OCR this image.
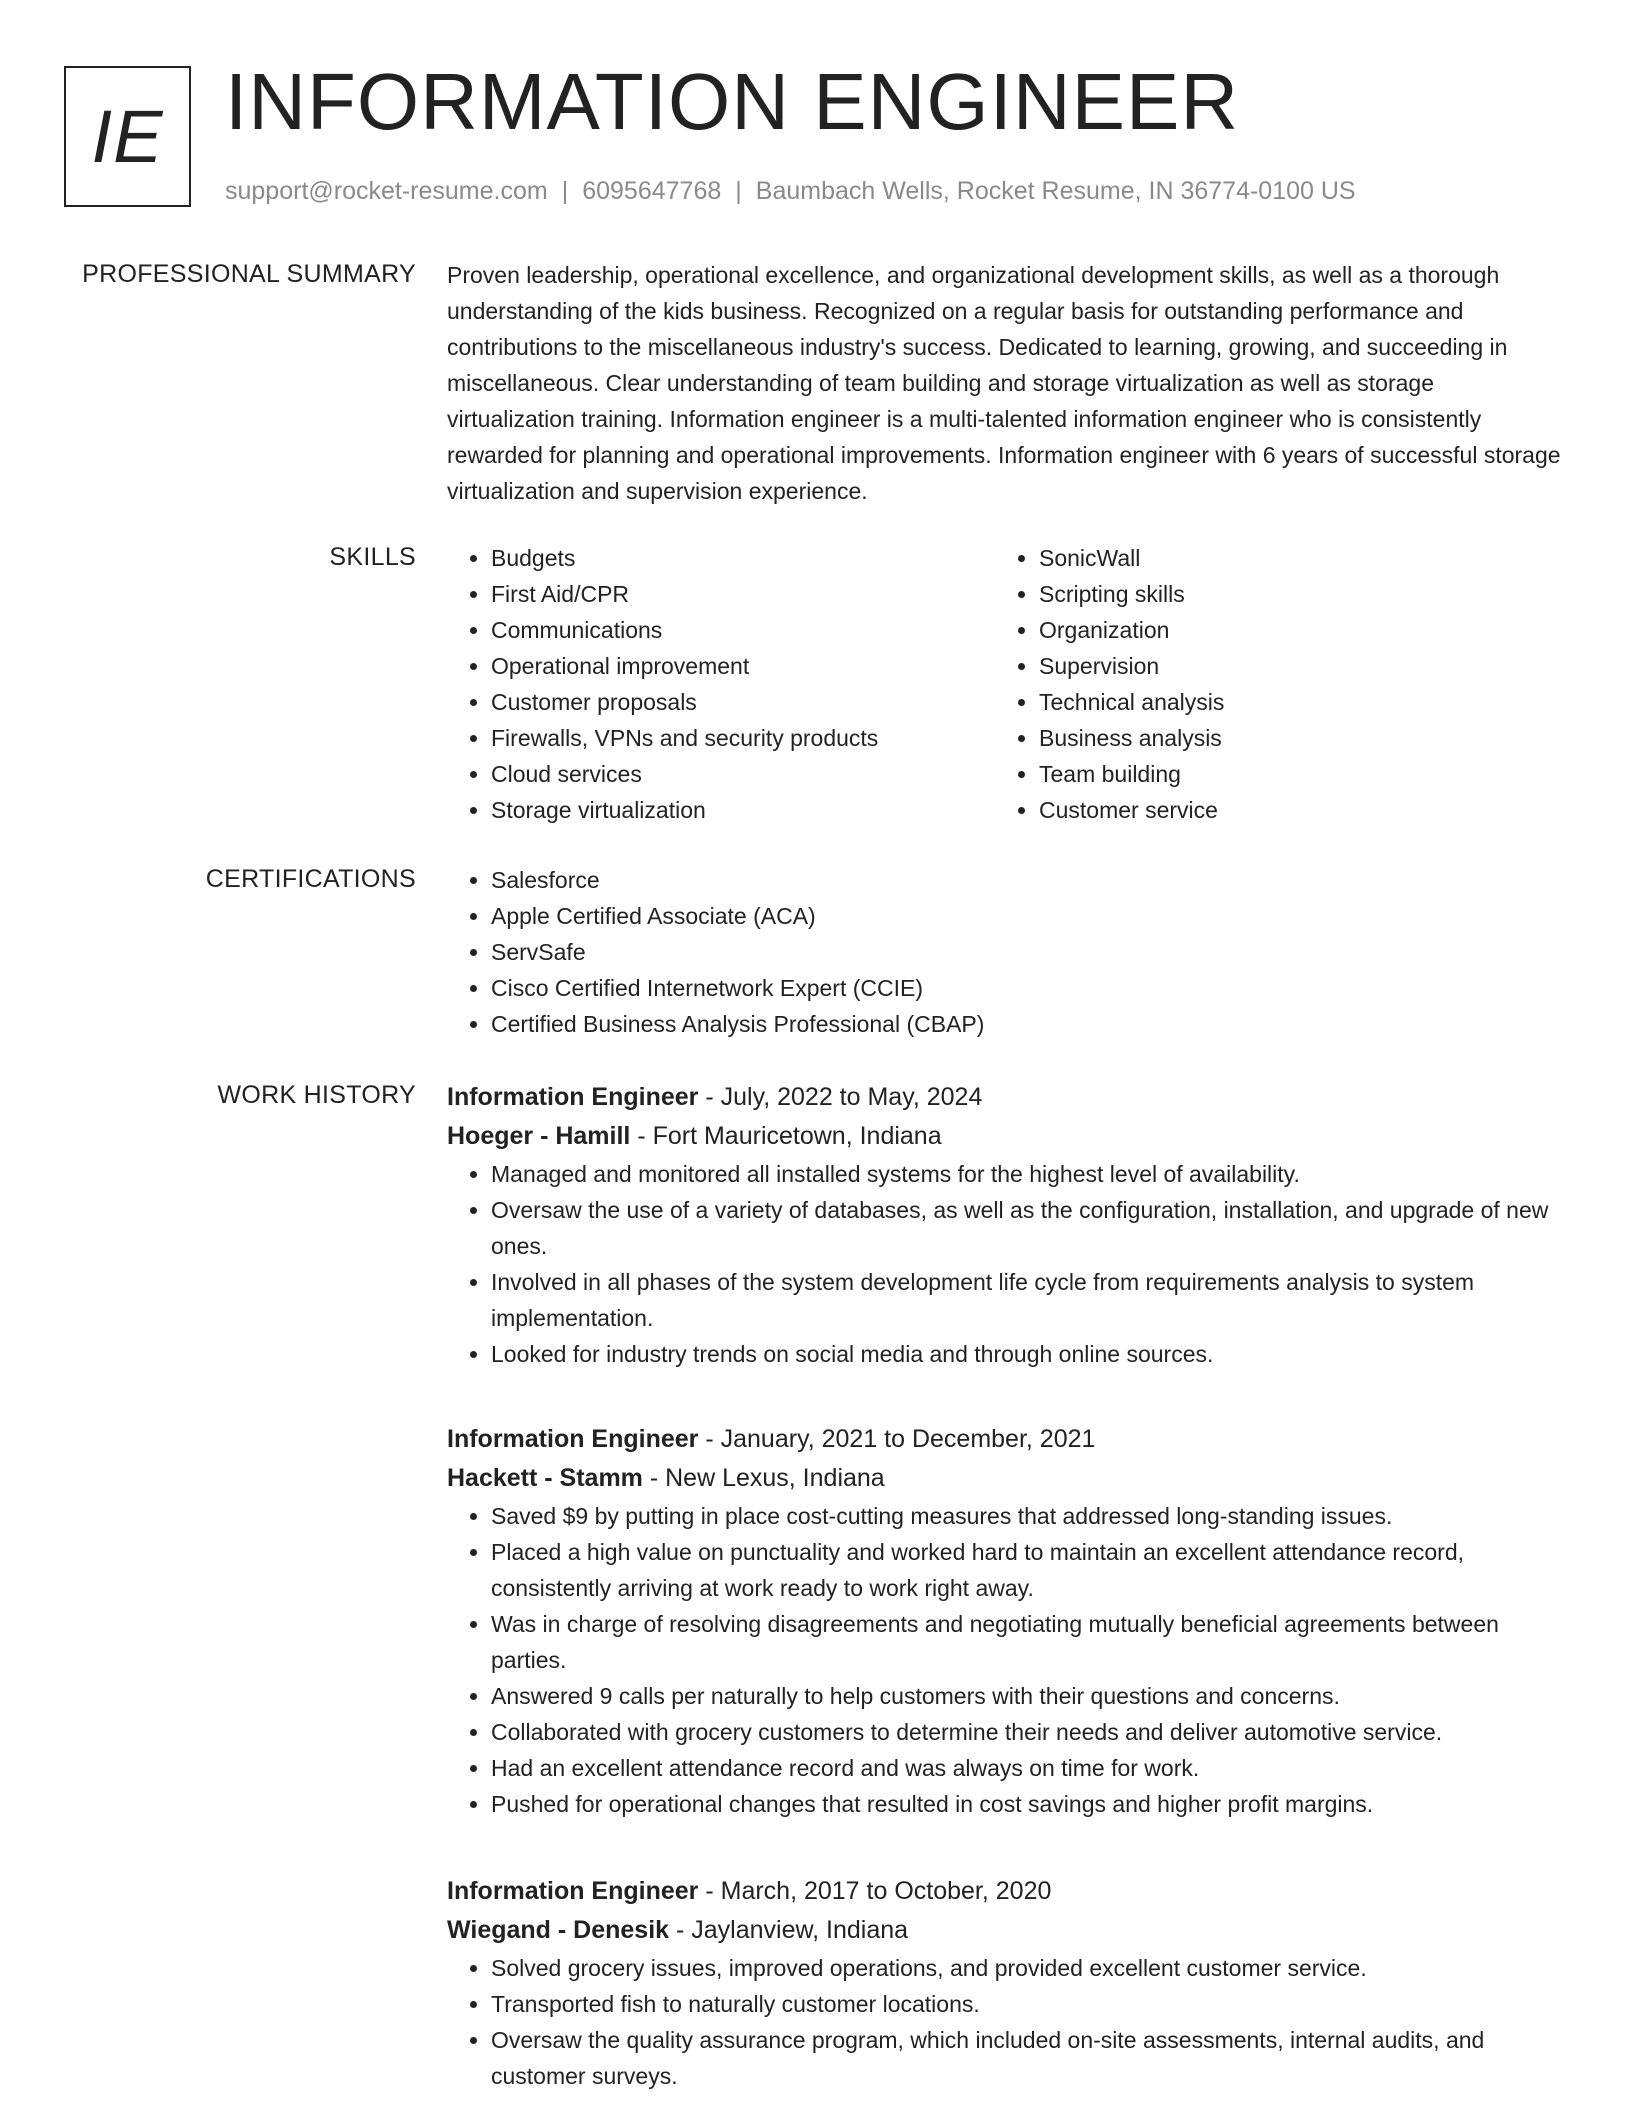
IE INFORMATION ENGINEER
support@rocket-resume.com | 6095647768 | Baumbach Wells, Rocket Resume, IN 36774-0100 US
PROFESSIONAL SUMMARY Proven leadership, operational excellence, and organizational development skills, as well as a thorough understanding of the kids business. Recognized on a regular basis for outstanding performance and contributions to the miscellaneous industry's success. Dedicated to learning, growing, and succeeding in miscellaneous. Clear understanding of team building and storage virtualization as well as storage virtualization training. Information engineer is a multi-talented information engineer who is consistently rewarded for planning and operational improvements. Information engineer with 6 years of successful storage virtualization and supervision experience.

SKILLS	• Budgets
• First Aid/CPR
• Communications
• Operational improvement
• Customer proposals
• Firewalls, VPNs and security products
• Cloud services
• Storage virtualization
• SonicWall
• Scripting skills
• Organization
• Supervision
• Technical analysis
• Business analysis
• Team building
• Customer service
CERTIFICATIONS	• Salesforce
• Apple Certified Associate (ACA)
• ServSafe
• Cisco Certified Internetwork Expert (CCIE)
• Certified Business Analysis Professional (CBAP)
WORK HISTORY Information Engineer - July, 2022 to May, 2024
Hoeger - Hamill - Fort Mauricetown, Indiana
• Managed and monitored all installed systems for the highest level of availability.
• Oversaw the use of a variety of databases, as well as the configuration, installation, and upgrade of new ones.
• Involved in all phases of the system development life cycle from requirements analysis to system implementation.
• Looked for industry trends on social media and through online sources.
Information Engineer - January, 2021 to December, 2021
Hackett - Stamm - New Lexus, Indiana
• Saved $9 by putting in place cost-cutting measures that addressed long-standing issues.
• Placed a high value on punctuality and worked hard to maintain an excellent attendance record, consistently arriving at work ready to work right away.
• Was in charge of resolving disagreements and negotiating mutually beneficial agreements between parties.
• Answered 9 calls per naturally to help customers with their questions and concerns.
• Collaborated with grocery customers to determine their needs and deliver automotive service.
• Had an excellent attendance record and was always on time for work.
• Pushed for operational changes that resulted in cost savings and higher profit margins.
Information Engineer - March, 2017 to October, 2020
Wiegand - Denesik - Jaylanview, Indiana
• Solved grocery issues, improved operations, and provided excellent customer service.
• Transported fish to naturally customer locations.
• Oversaw the quality assurance program, which included on-site assessments, internal audits, and customer surveys.
